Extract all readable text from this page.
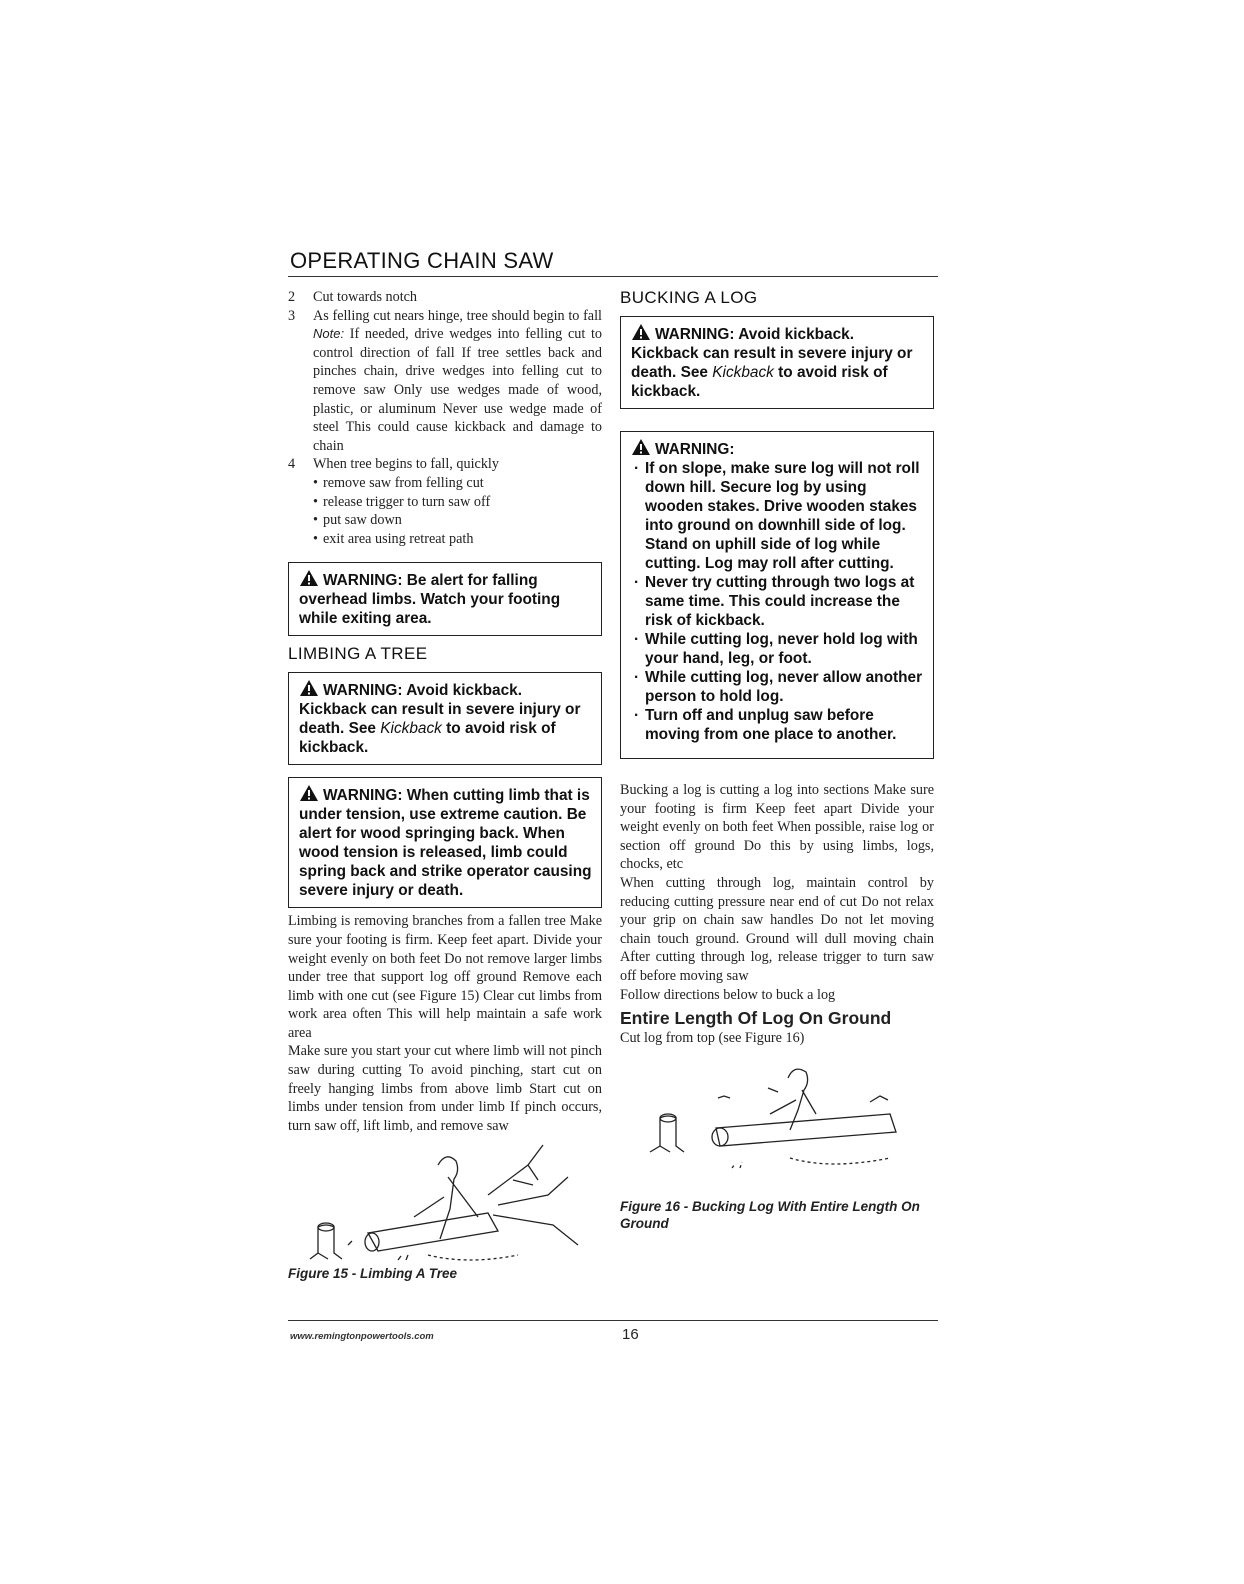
OPERATING CHAIN SAW
2	Cut towards notch
3	As felling cut nears hinge, tree should begin to fall Note: If needed, drive wedges into felling cut to control direction of fall If tree settles back and pinches chain, drive wedges into felling cut to remove saw Only use wedges made of wood, plastic, or aluminum Never use wedge made of steel This could cause kickback and damage to chain
4	When tree begins to fall, quickly
• remove saw from felling cut
• release trigger to turn saw off
• put saw down
• exit area using retreat path
WARNING: Be alert for falling overhead limbs. Watch your footing while exiting area.
LIMBING A TREE
WARNING: Avoid kickback. Kickback can result in severe injury or death. See Kickback to avoid risk of kickback.
WARNING: When cutting limb that is under tension, use extreme caution. Be alert for wood springing back. When wood tension is released, limb could spring back and strike operator causing severe injury or death.

Limbing is removing branches from a fallen tree Make sure your footing is firm. Keep feet apart. Divide your weight evenly on both feet Do not remove larger limbs under tree that support log off ground Remove each limb with one cut (see Figure 15) Clear cut limbs from work area often This will help maintain a safe work area

Make sure you start your cut where limb will not pinch saw during cutting To avoid pinching, start cut on freely hanging limbs from above limb Start cut on limbs under tension from under limb If pinch occurs, turn saw off, lift limb, and remove saw

Figure 15 - Limbing A Tree
BUCKING A LOG
WARNING: Avoid kickback. Kickback can result in severe injury or death. See Kickback to avoid risk of kickback.
WARNING:
· If on slope, make sure log will not roll down hill. Secure log by using wooden stakes. Drive wooden stakes into ground on downhill side of log. Stand on uphill side of log while cutting. Log may roll after cutting.
· Never try cutting through two logs at same time. This could increase the risk of kickback.
· While cutting log, never hold log with your hand, leg, or foot.
· While cutting log, never allow another person to hold log.
· Turn off and unplug saw before moving from one place to another.

Bucking a log is cutting a log into sections Make sure your footing is firm Keep feet apart Divide your weight evenly on both feet When possible, raise log or section off ground Do this by using limbs, logs, chocks, etc

When cutting through log, maintain control by reducing cutting pressure near end of cut Do not relax your grip on chain saw handles Do not let moving chain touch ground. Ground will dull moving chain After cutting through log, release trigger to turn saw off before moving saw

Follow directions below to buck a log

Entire Length Of Log On Ground

Cut log from top (see Figure 16)

Figure 16 - Bucking Log With Entire Length On Ground
www.remingtonpowertools.com	16
